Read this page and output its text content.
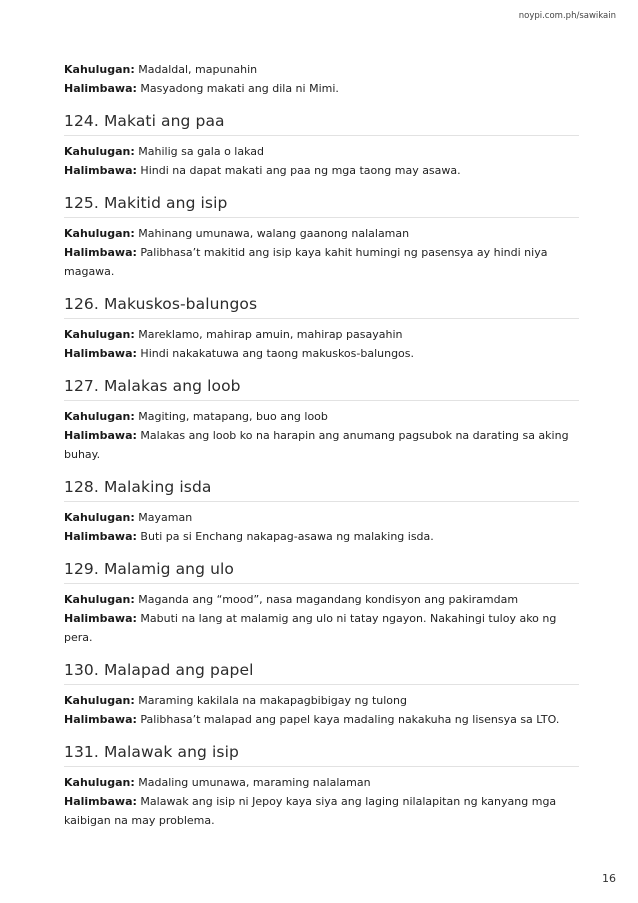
noypi.com.ph/sawikain

Kahulugan: Madaldal, mapunahin

Halimbawa: Masyadong makati ang dila ni Mimi.

124. Makati ang paa

Kahulugan: Mahilig sa gala o lakad

Halimbawa: Hindi na dapat makati ang paa ng mga taong may asawa.

125. Makitid ang isip

Kahulugan: Mahinang umunawa, walang gaanong nalalaman

Halimbawa: Palibhasa’t makitid ang isip kaya kahit humingi ng pasensya ay hindi niya magawa.

126. Makuskos-balungos

Kahulugan: Mareklamo, mahirap amuin, mahirap pasayahin

Halimbawa: Hindi nakakatuwa ang taong makuskos-balungos.

127. Malakas ang loob

Kahulugan: Magiting, matapang, buo ang loob

Halimbawa: Malakas ang loob ko na harapin ang anumang pagsubok na darating sa aking buhay.

128. Malaking isda

Kahulugan: Mayaman

Halimbawa: Buti pa si Enchang nakapag-asawa ng malaking isda.

129. Malamig ang ulo

Kahulugan: Maganda ang “mood”, nasa magandang kondisyon ang pakiramdam

Halimbawa: Mabuti na lang at malamig ang ulo ni tatay ngayon. Nakahingi tuloy ako ng pera.

130. Malapad ang papel

Kahulugan: Maraming kakilala na makapagbibigay ng tulong

Halimbawa: Palibhasa’t malapad ang papel kaya madaling nakakuha ng lisensya sa LTO.

131. Malawak ang isip

Kahulugan: Madaling umunawa, maraming nalalaman

Halimbawa: Malawak ang isip ni Jepoy kaya siya ang laging nilalapitan ng kanyang mga kaibigan na may problema.

16
